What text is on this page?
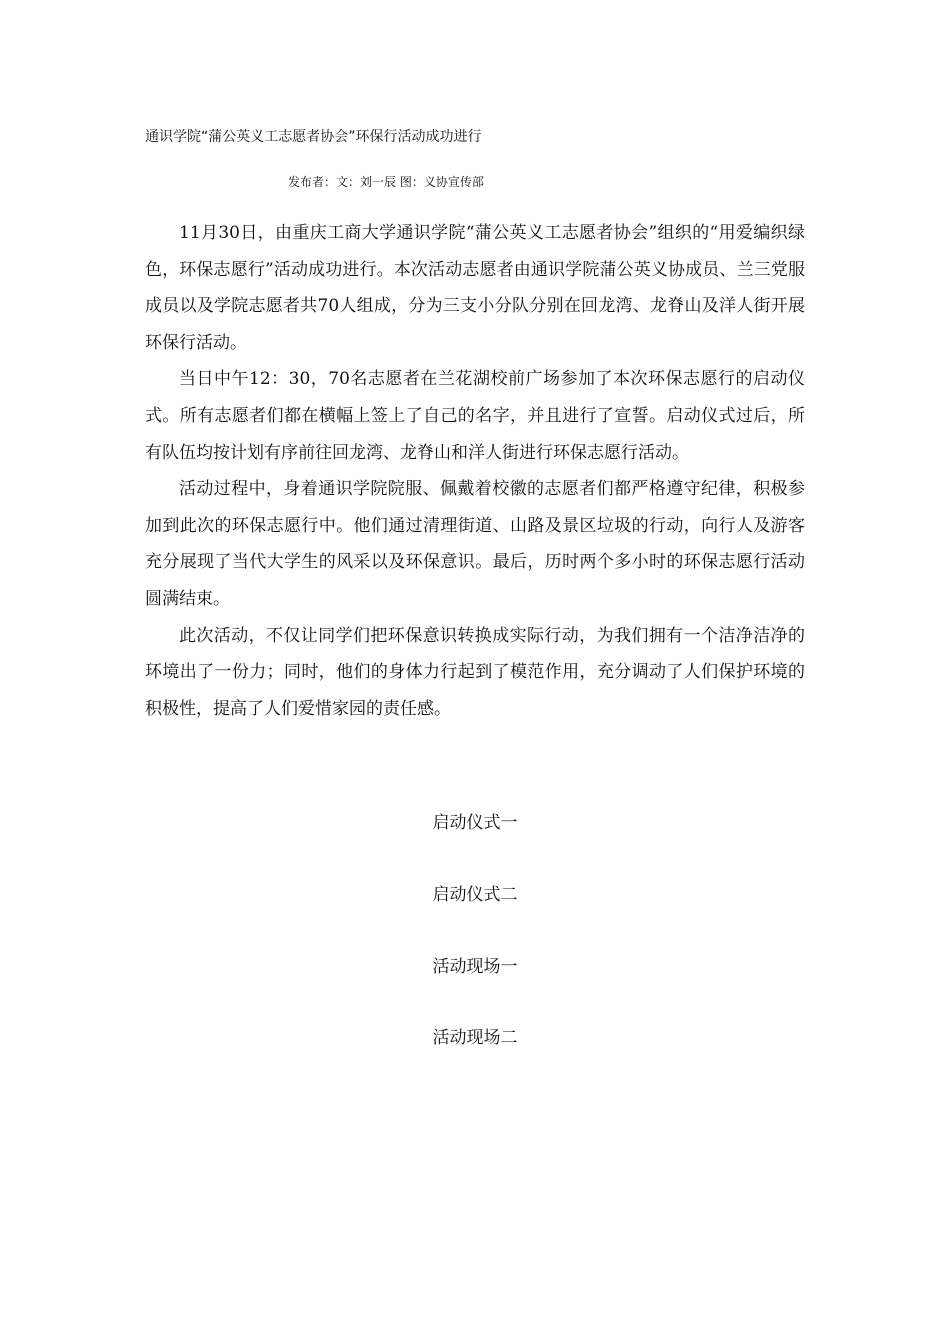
通识学院“蒲公英义工志愿者协会”环保行活动成功进行
发布者：文：刘一辰 图：义协宣传部

11月30日，由重庆工商大学通识学院“蒲公英义工志愿者协会”组织的“用爱编织绿色，环保志愿行”活动成功进行。本次活动志愿者由通识学院蒲公英义协成员、兰三党服成员以及学院志愿者共70人组成，分为三支小分队分别在回龙湾、龙脊山及洋人街开展环保行活动。

当日中午12：30，70名志愿者在兰花湖校前广场参加了本次环保志愿行的启动仪式。所有志愿者们都在横幅上签上了自己的名字，并且进行了宣誓。启动仪式过后，所有队伍均按计划有序前往回龙湾、龙脊山和洋人街进行环保志愿行活动。

活动过程中，身着通识学院院服、佩戴着校徽的志愿者们都严格遵守纪律，积极参加到此次的环保志愿行中。他们通过清理街道、山路及景区垃圾的行动，向行人及游客充分展现了当代大学生的风采以及环保意识。最后，历时两个多小时的环保志愿行活动圆满结束。

此次活动，不仅让同学们把环保意识转换成实际行动，为我们拥有一个洁净洁净的环境出了一份力；同时，他们的身体力行起到了模范作用，充分调动了人们保护环境的积极性，提高了人们爱惜家园的责任感。

启动仪式一
启动仪式二
活动现场一
活动现场二
